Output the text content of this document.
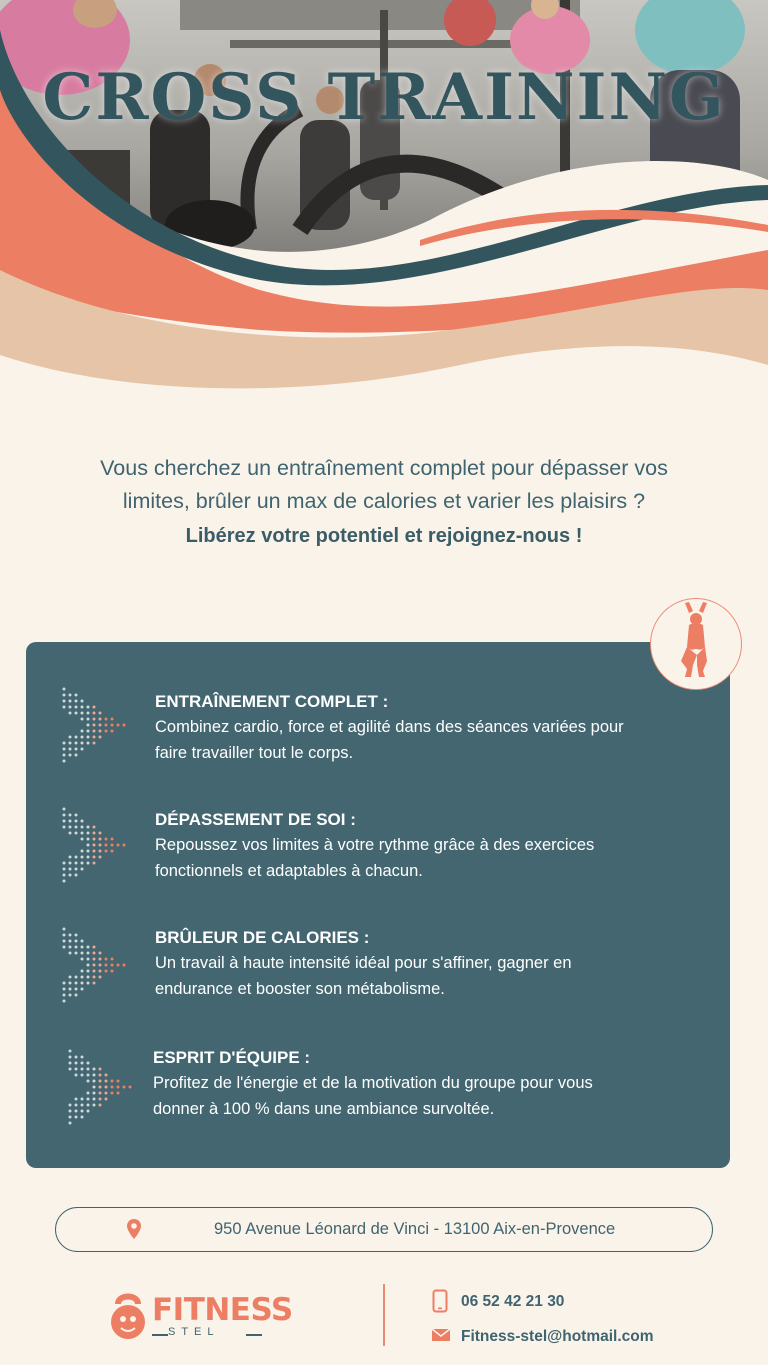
CROSS TRAINING

Vous cherchez un entraînement complet pour dépasser vos

limites, brûler un max de calories et varier les plaisirs ?

Libérez votre potentiel et rejoignez-nous !

ENTRAÎNEMENT COMPLET :
Combinez cardio, force et agilité dans des séances variées pour
faire travailler tout le corps.
DÉPASSEMENT DE SOI :
Repoussez vos limites à votre rythme grâce à des exercices
fonctionnels et adaptables à chacun.
BRÛLEUR DE CALORIES :
Un travail à haute intensité idéal pour s'affiner, gagner en
endurance et booster son métabolisme.
ESPRIT D'ÉQUIPE :
Profitez de l'énergie et de la motivation du groupe pour vous
donner à 100 % dans une ambiance survoltée.
950 Avenue Léonard de Vinci - 13100 Aix-en-Provence
FITNESS
STEL
06 52 42 21 30
Fitness-stel@hotmail.com
